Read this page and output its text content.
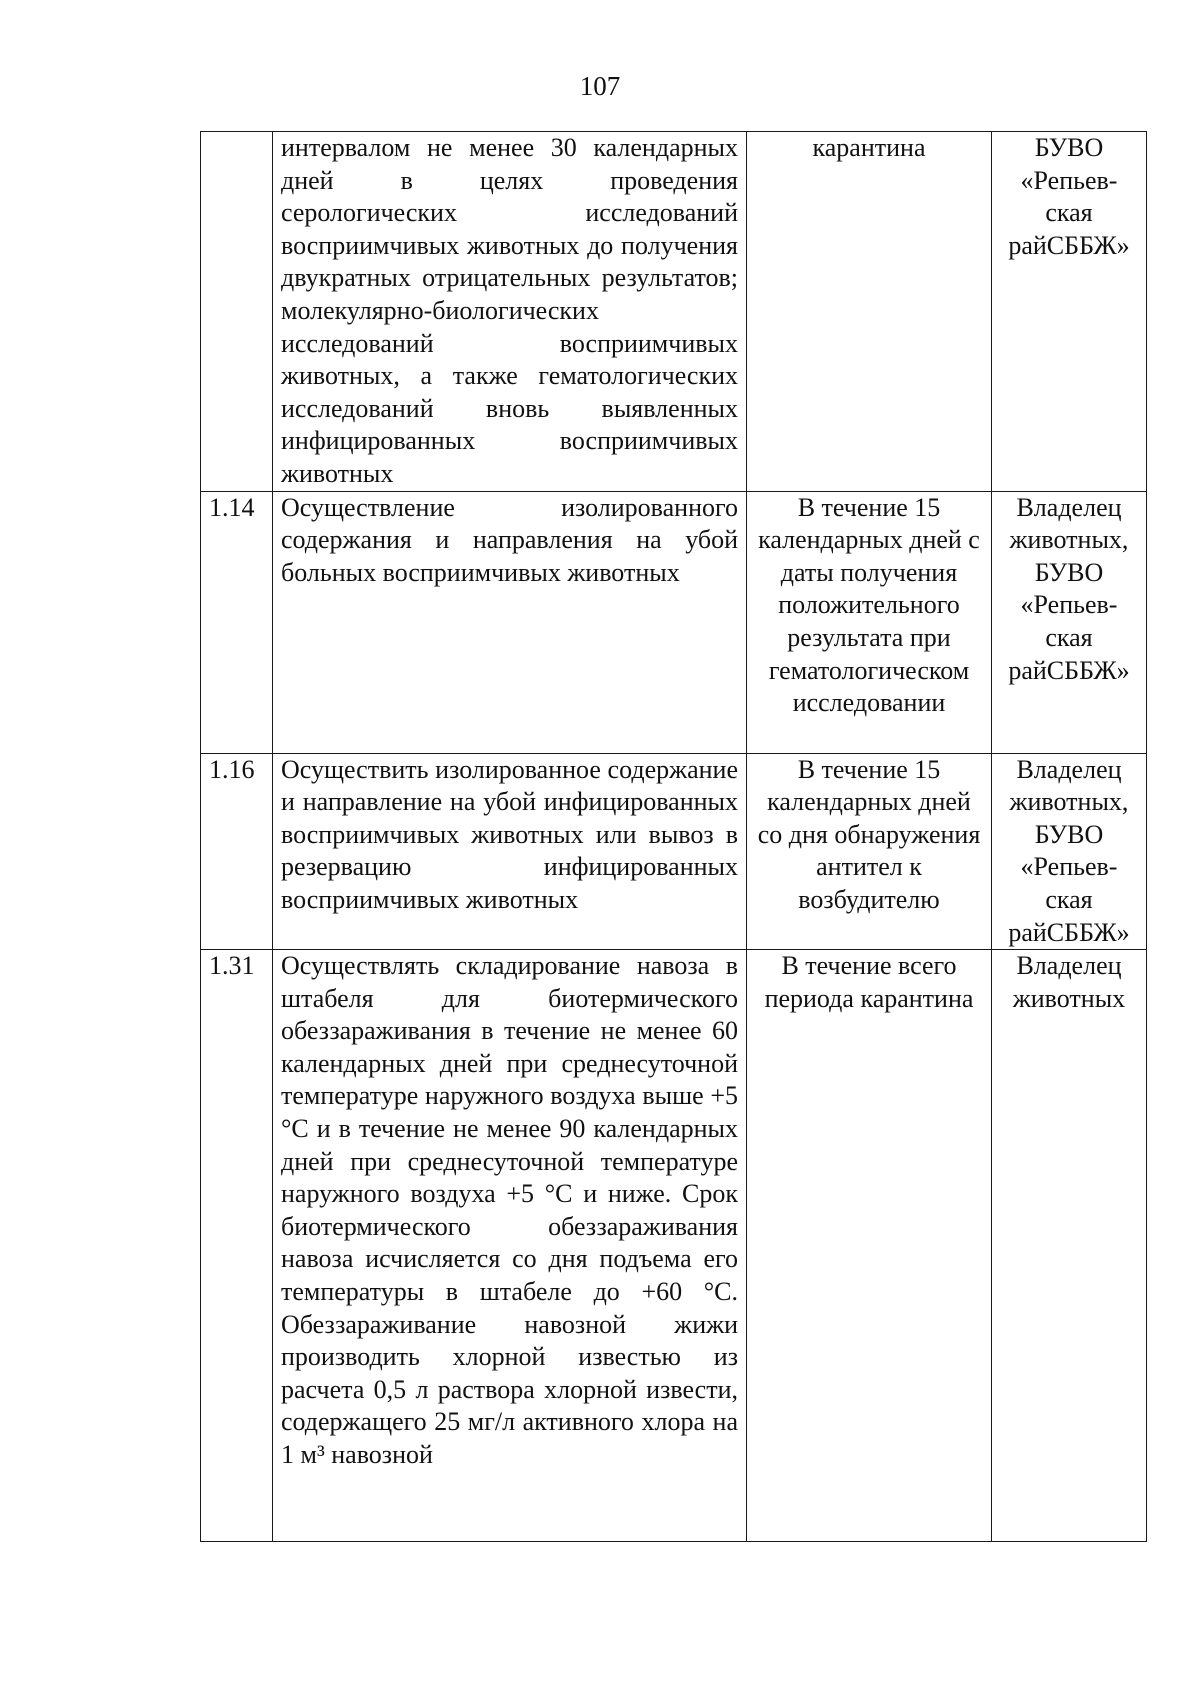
107

	интервалом не менее 30 календарных дней в целях проведения серологических исследований восприимчивых животных до получения двукратных отрицательных результатов; молекулярно-биологических исследований восприимчивых животных, а также гематологических исследований вновь выявленных инфицированных восприимчивых животных	карантина	БУВО «Репьев-ская райСББЖ»

1.14	Осуществление изолированного содержания и направления на убой больных восприимчивых животных	В течение 15 календарных дней с даты получения положительного результата при гематологическом исследовании	Владелец животных, БУВО «Репьев-ская райСББЖ»

1.16	Осуществить изолированное содержание и направление на убой инфицированных восприимчивых животных или вывоз в резервацию инфицированных восприимчивых животных	В течение 15 календарных дней со дня обнаружения антител к возбудителю	Владелец животных, БУВО «Репьев-ская райСББЖ»

1.31	Осуществлять складирование навоза в штабеля для биотермического обеззараживания в течение не менее 60 календарных дней при среднесуточной температуре наружного воздуха выше +5 °С и в течение не менее 90 календарных дней при среднесуточной температуре наружного воздуха +5 °С и ниже. Срок биотермического обеззараживания навоза исчисляется со дня подъема его температуры в штабеле до +60 °С. Обеззараживание навозной жижи производить хлорной известью из расчета 0,5 л раствора хлорной извести, содержащего 25 мг/л активного хлора на 1 м³ навозной	В течение всего периода карантина	Владелец животных
